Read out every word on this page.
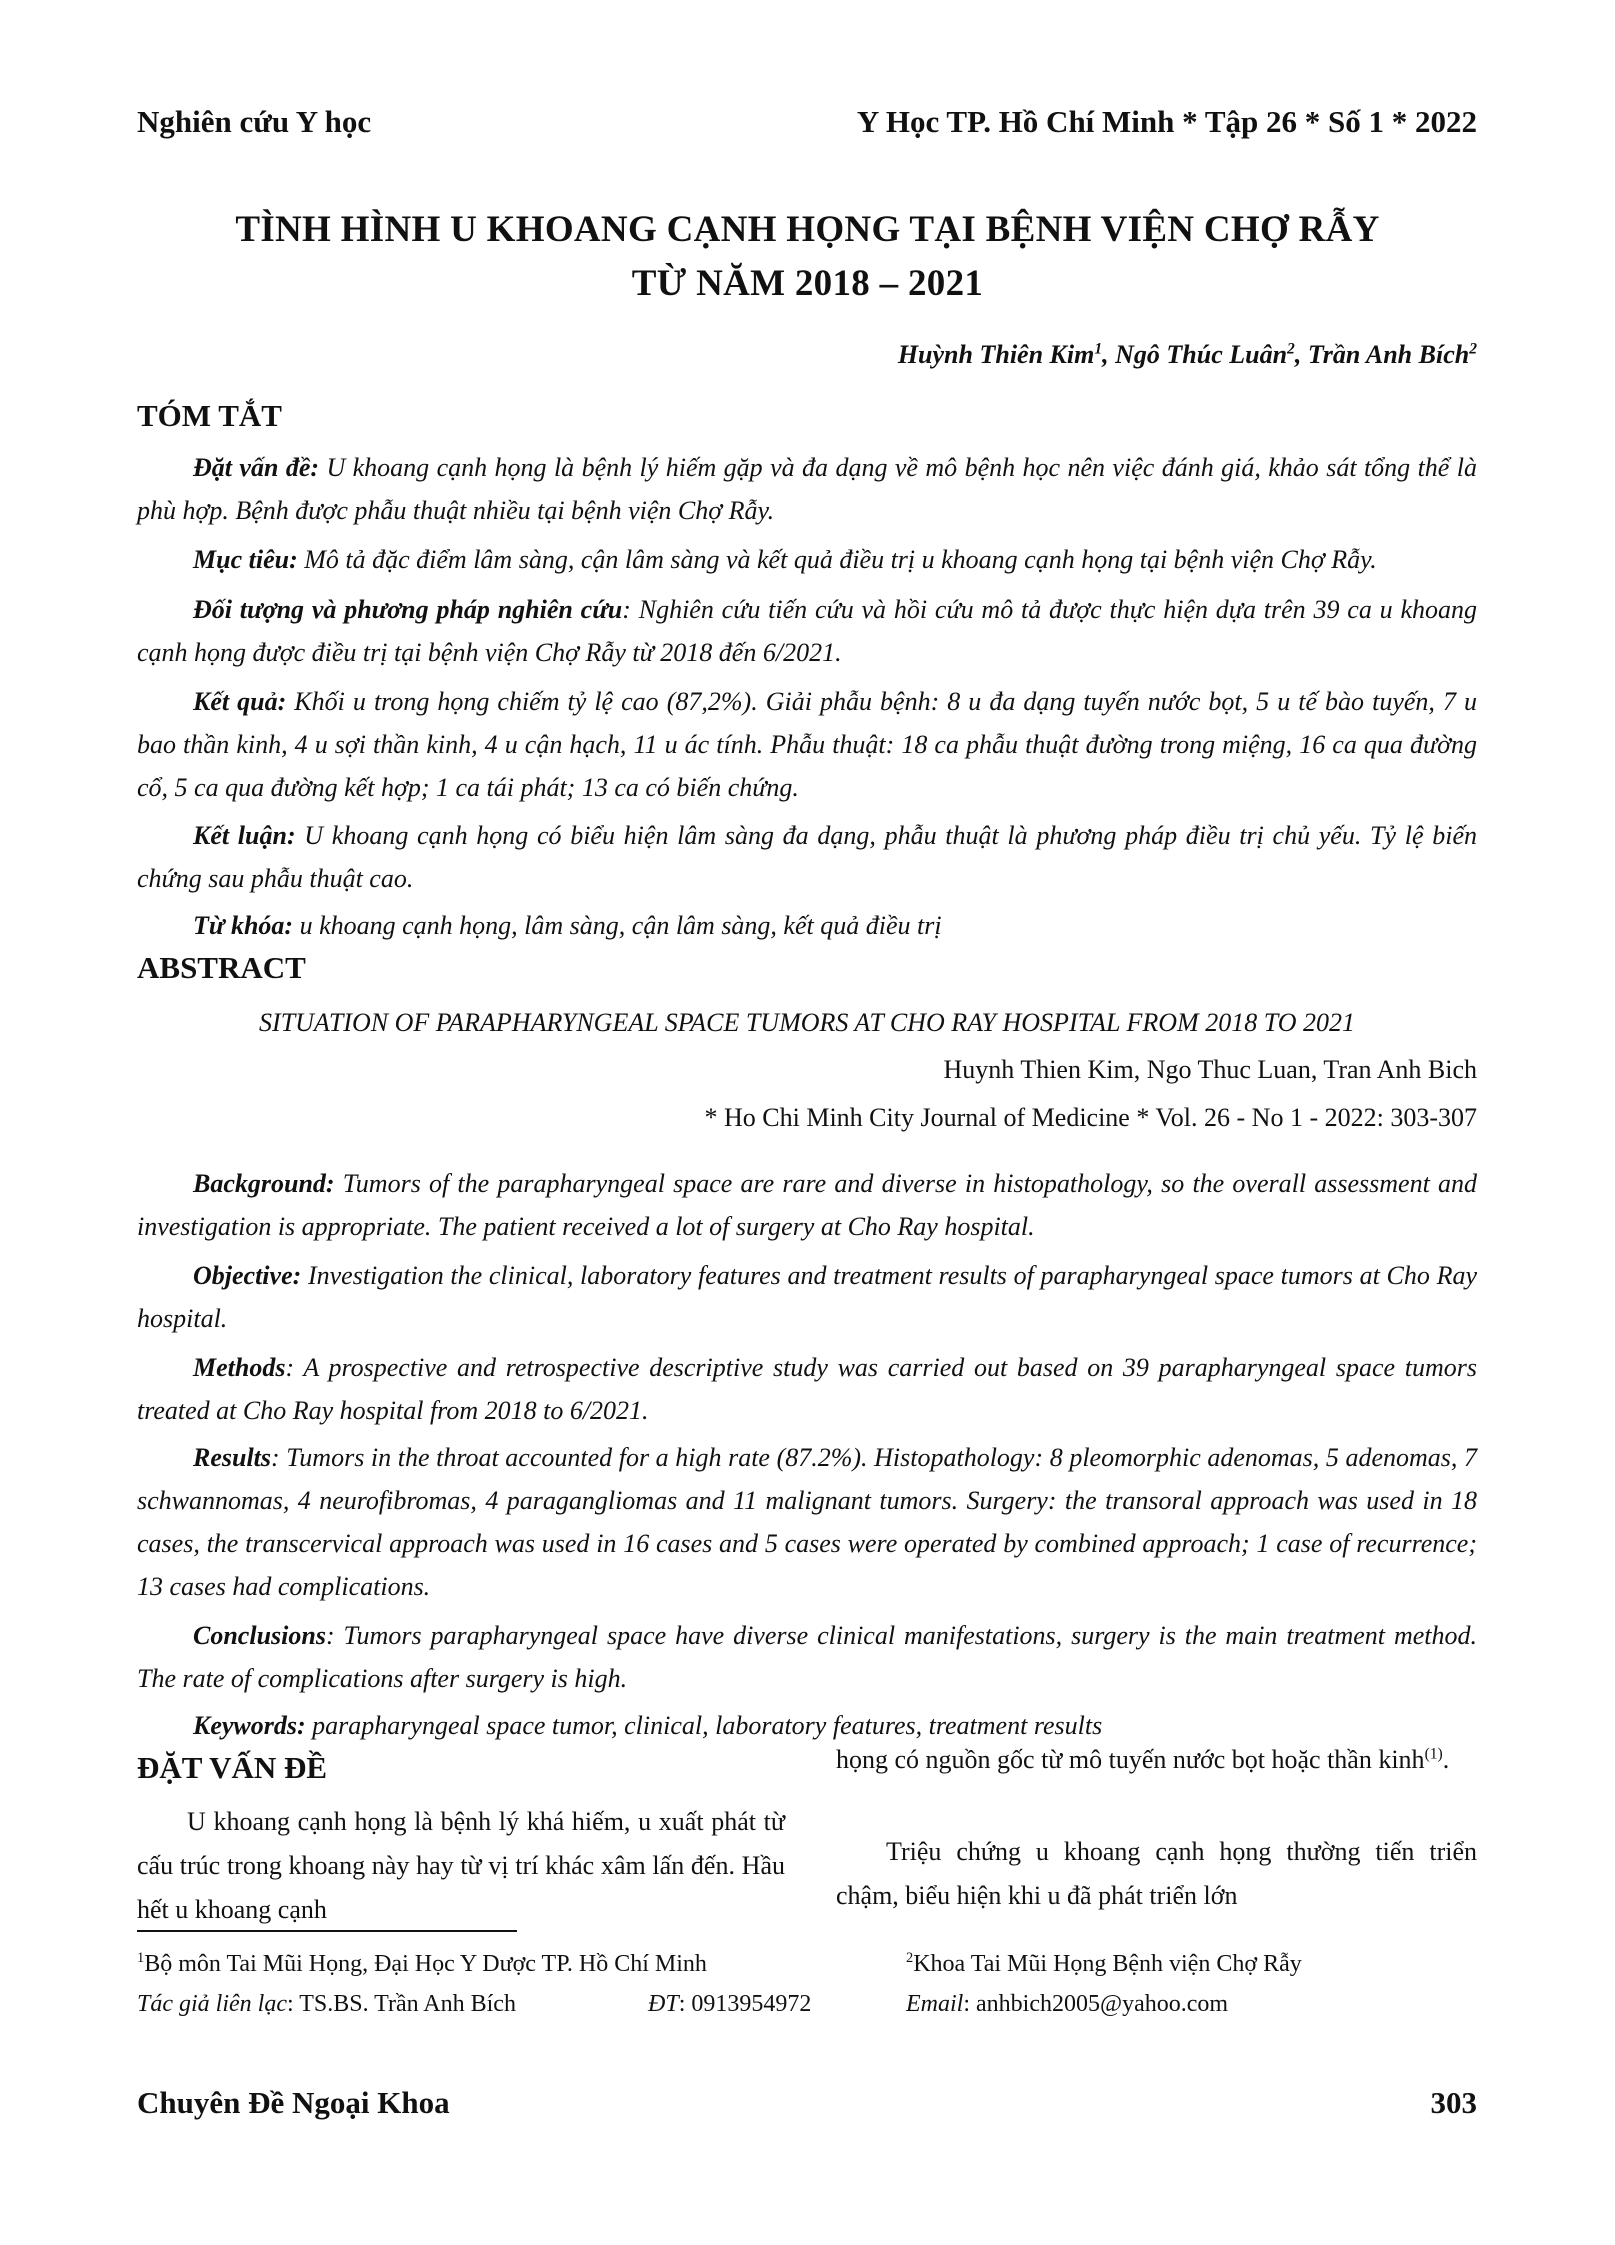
Nghiên cứu Y học	Y Học TP. Hồ Chí Minh * Tập 26 * Số 1 * 2022
TÌNH HÌNH U KHOANG CẠNH HỌNG TẠI BỆNH VIỆN CHỢ RẪY
TỪ NĂM 2018 – 2021
Huỳnh Thiên Kim$^1$, Ngô Thúc Luân$^2$, Trần Anh Bích$^2$
TÓM TẮT

Đặt vấn đề: U khoang cạnh họng là bệnh lý hiếm gặp và đa dạng về mô bệnh học nên việc đánh giá, khảo sát tổng thể là phù hợp. Bệnh được phẫu thuật nhiều tại bệnh viện Chợ Rẫy.

Mục tiêu: Mô tả đặc điểm lâm sàng, cận lâm sàng và kết quả điều trị u khoang cạnh họng tại bệnh viện Chợ Rẫy.

Đối tượng và phương pháp nghiên cứu: Nghiên cứu tiến cứu và hồi cứu mô tả được thực hiện dựa trên 39 ca u khoang cạnh họng được điều trị tại bệnh viện Chợ Rẫy từ 2018 đến 6/2021.

Kết quả: Khối u trong họng chiếm tỷ lệ cao (87,2%). Giải phẫu bệnh: 8 u đa dạng tuyến nước bọt, 5 u tế bào tuyến, 7 u bao thần kinh, 4 u sợi thần kinh, 4 u cận hạch, 11 u ác tính. Phẫu thuật: 18 ca phẫu thuật đường trong miệng, 16 ca qua đường cổ, 5 ca qua đường kết hợp; 1 ca tái phát; 13 ca có biến chứng.

Kết luận: U khoang cạnh họng có biểu hiện lâm sàng đa dạng, phẫu thuật là phương pháp điều trị chủ yếu. Tỷ lệ biến chứng sau phẫu thuật cao.

Từ khóa: u khoang cạnh họng, lâm sàng, cận lâm sàng, kết quả điều trị

ABSTRACT
SITUATION OF PARAPHARYNGEAL SPACE TUMORS AT CHO RAY HOSPITAL FROM 2018 TO 2021
Huynh Thien Kim, Ngo Thuc Luan, Tran Anh Bich
* Ho Chi Minh City Journal of Medicine * Vol. 26 - No 1 - 2022: 303-307

Background: Tumors of the parapharyngeal space are rare and diverse in histopathology, so the overall assessment and investigation is appropriate. The patient received a lot of surgery at Cho Ray hospital.

Objective: Investigation the clinical, laboratory features and treatment results of parapharyngeal space tumors at Cho Ray hospital.

Methods: A prospective and retrospective descriptive study was carried out based on 39 parapharyngeal space tumors treated at Cho Ray hospital from 2018 to 6/2021.

Results: Tumors in the throat accounted for a high rate (87.2%). Histopathology: 8 pleomorphic adenomas, 5 adenomas, 7 schwannomas, 4 neurofibromas, 4 paragangliomas and 11 malignant tumors. Surgery: the transoral approach was used in 18 cases, the transcervical approach was used in 16 cases and 5 cases were operated by combined approach; 1 case of recurrence; 13 cases had complications.

Conclusions: Tumors parapharyngeal space have diverse clinical manifestations, surgery is the main treatment method. The rate of complications after surgery is high.

Keywords: parapharyngeal space tumor, clinical, laboratory features, treatment results

ĐẶT VẤN ĐỀ

U khoang cạnh họng là bệnh lý khá hiếm, u xuất phát từ cấu trúc trong khoang này hay từ vị trí khác xâm lấn đến. Hầu hết u khoang cạnh

họng có nguồn gốc từ mô tuyến nước bọt hoặc thần kinh$^{(1)}$.

Triệu chứng u khoang cạnh họng thường tiến triển chậm, biểu hiện khi u đã phát triển lớn

$^1$Bộ môn Tai Mũi Họng, Đại Học Y Dược TP. Hồ Chí Minh	$^2$Khoa Tai Mũi Họng Bệnh viện Chợ Rẫy
Tác giả liên lạc: TS.BS. Trần Anh Bích	ĐT: 0913954972	Email: anhbich2005@yahoo.com
Chuyên Đề Ngoại Khoa	303
